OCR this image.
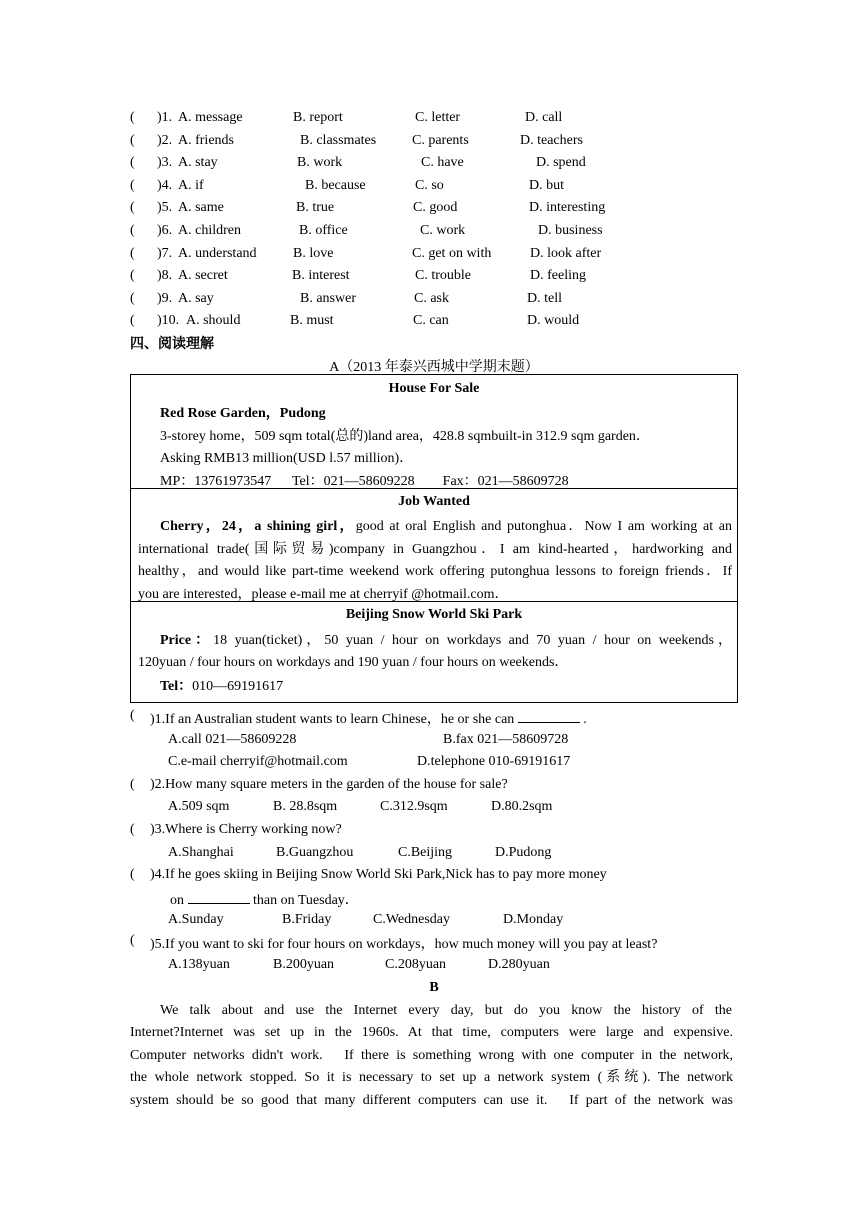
( )1. A. message	B. report	C. letter	D. call
( )2. A. friends	B. classmates	C. parents	D. teachers
( )3. A. stay	B. work	C. have	D. spend
( )4. A. if	B. because	C. so	D. but
( )5. A. same	B. true	C. good	D. interesting
( )6. A. children	B. office	C. work	D. business
( )7. A. understand	B. love	C. get on with	D. look after
( )8. A. secret	B. interest	C. trouble	D. feeling
( )9. A. say	B. answer	C. ask	D. tell
( )10. A. should	B. must	C. can	D. would
四、阅读理解
A（2013 年泰兴西城中学期末题）
House For Sale
Red Rose Garden，Pudong
3-storey home，509 sqm total(总的)land area，428.8 sqmbuilt-in 312.9 sqm garden．
Asking RMB13 million(USD l.57 million)．
MP：13761973547      Tel：021—58609228        Fax：021—58609728
Job Wanted
Cherry，24，a shining girl，good at oral English and putonghua．Now I am working at an
international trade(国际贸易)company in Guangzhou．I am kind-hearted，hardworking and
healthy，and would like part-time weekend work offering putonghua lessons to foreign friends．If
you are interested，please e-mail me at cherryif @hotmail.com．
Beijing Snow World Ski Park
Price：18 yuan(ticket)，50 yuan / hour on workdays and 70 yuan / hour on weekends，
120yuan / four hours on workdays and 190 yuan / four hours on weekends．
Tel：010—69191617
( )1.If an Australian student wants to learn Chinese，he or she can	.
A.call 021—58609228	B.fax 021—58609728
C.e-mail cherryif@hotmail.com	D.telephone 010-69191617
( )2.How many square meters in the garden of the house for sale?
A.509 sqm	B. 28.8sqm	C.312.9sqm	D.80.2sqm
( )3.Where is Cherry working now?
A.Shanghai	B.Guangzhou	C.Beijing	D.Pudong
( )4.If he goes skiing in Beijing Snow World Ski Park,Nick has to pay more money
on	than on Tuesday．
A.Sunday	B.Friday	C.Wednesday	D.Monday
( )5.If you want to ski for four hours on workdays，how much money will you pay at least?
A.138yuan	B.200yuan	C.208yuan	D.280yuan
B
We talk about and use the Internet every day, but do you know the history of the
Internet?Internet was set up in the 1960s. At that time, computers were large and expensive.
Computer networks didn't work.   If there is something wrong with one computer in the network,
the whole network stopped. So it is necessary to set up a network system (系统). The network
system should be so good that many different computers can use it.   If part of the network was
